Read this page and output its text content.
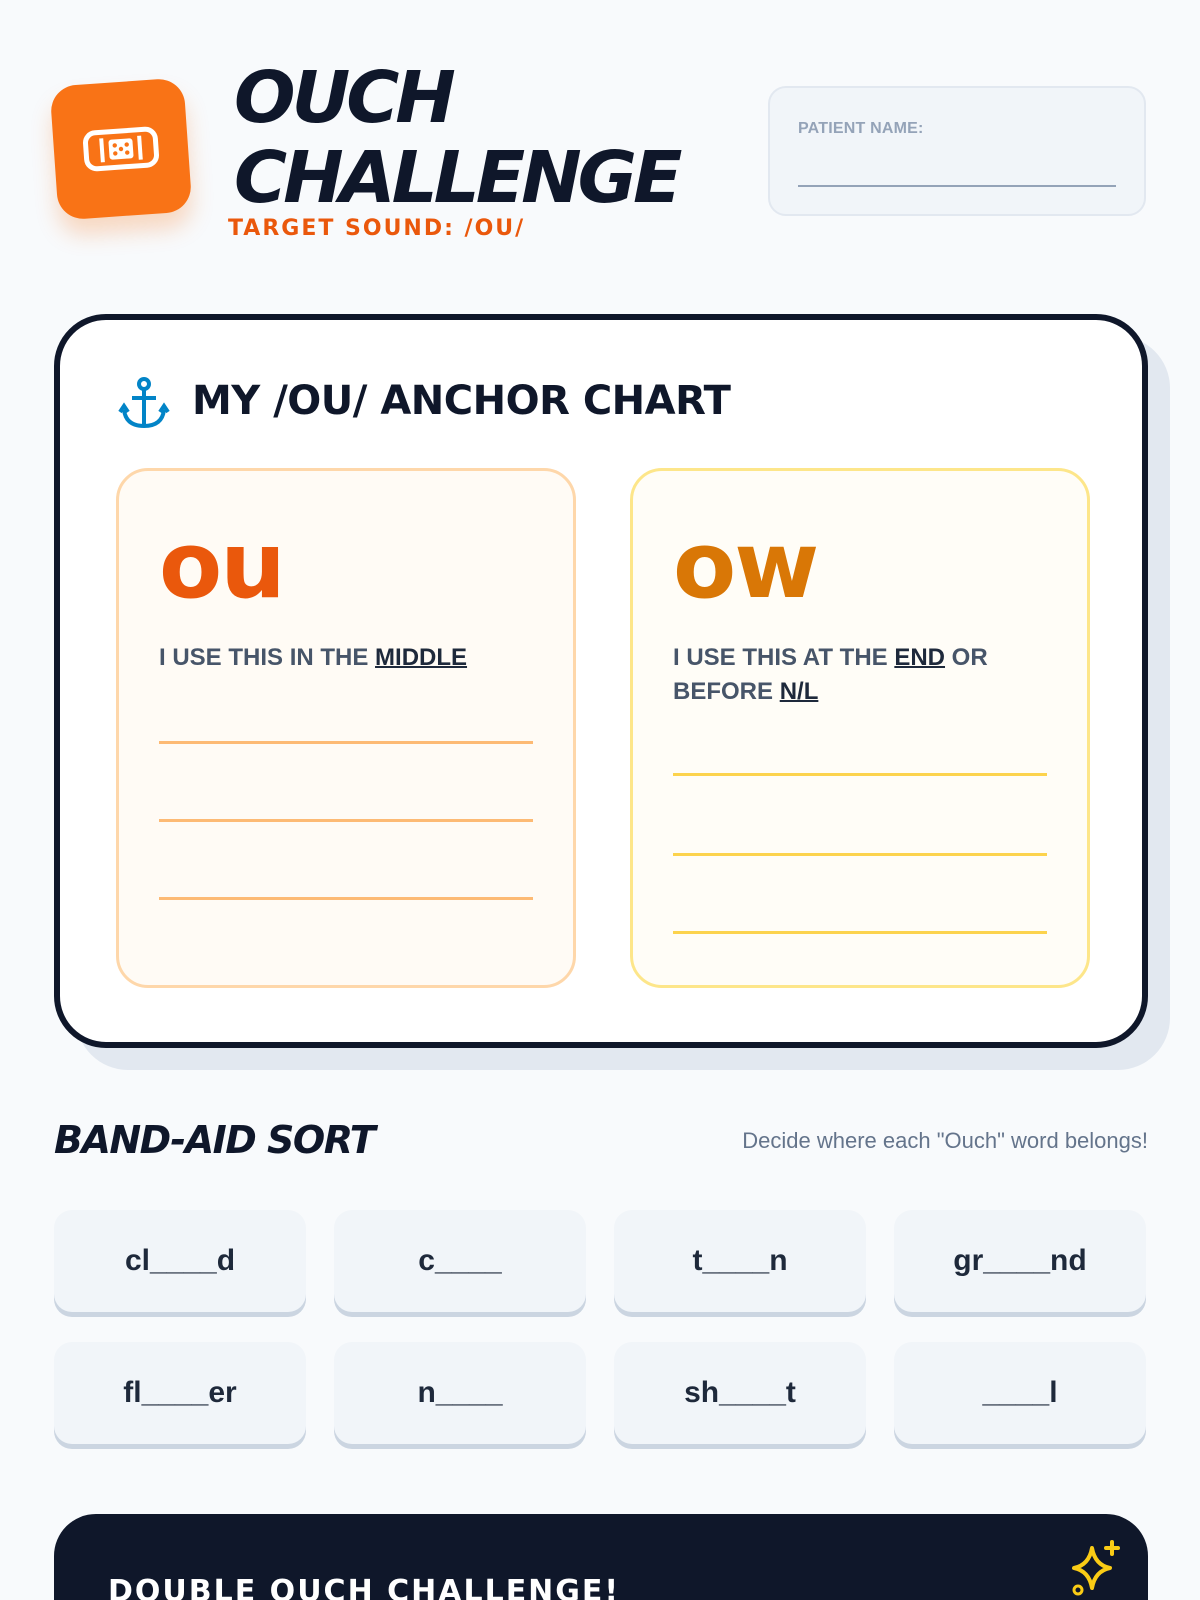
OUCH
CHALLENGE
TARGET SOUND: /OU/
PATIENT NAME:
MY /OU/ ANCHOR CHART
ou
I USE THIS IN THE MIDDLE
ow
I USE THIS AT THE END OR BEFORE N/L
BAND-AID SORT	Decide where each "Ouch" word belongs!
cl____d	c____	t____n	gr____nd
fl____er	n____	sh____t	____l
DOUBLE OUCH CHALLENGE!
